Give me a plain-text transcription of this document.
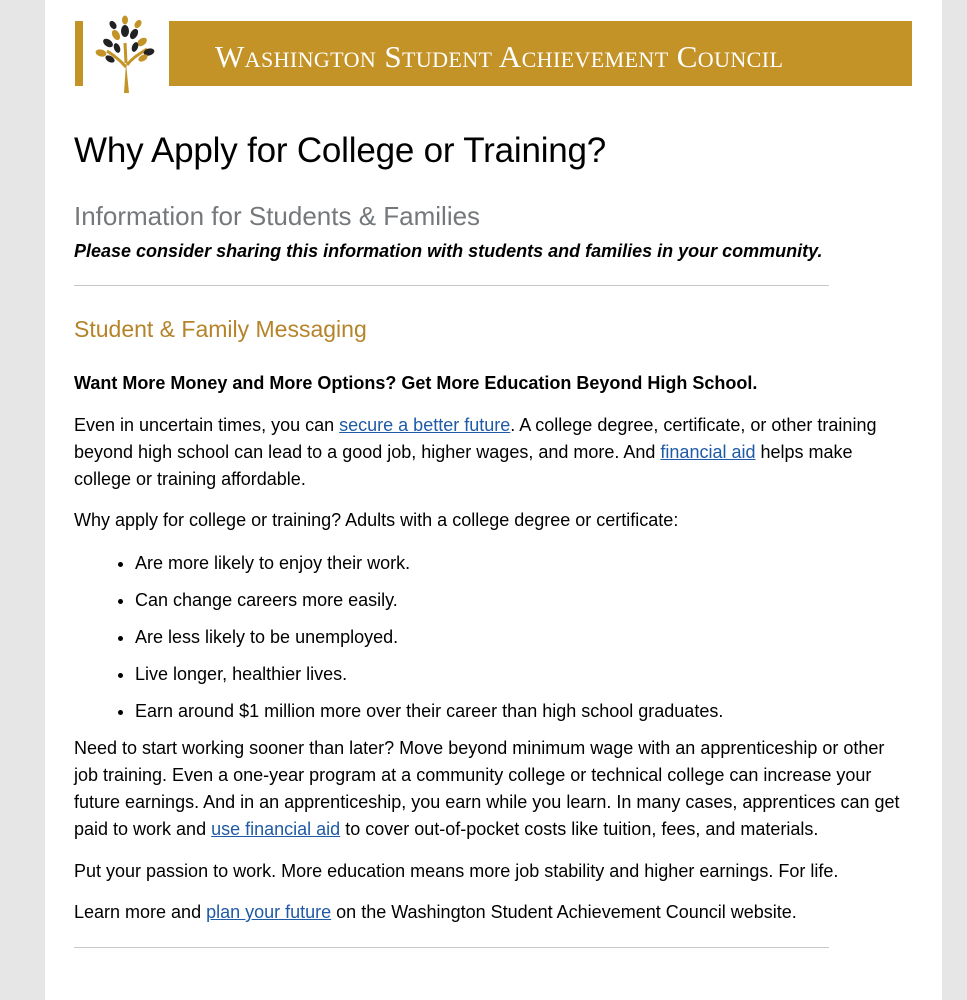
Washington Student Achievement Council
Why Apply for College or Training?
Information for Students & Families
Please consider sharing this information with students and families in your community.
Student & Family Messaging
Want More Money and More Options? Get More Education Beyond High School.

Even in uncertain times, you can secure a better future. A college degree, certificate, or other training beyond high school can lead to a good job, higher wages, and more. And financial aid helps make college or training affordable.

Why apply for college or training? Adults with a college degree or certificate:

• Are more likely to enjoy their work.
• Can change careers more easily.
• Are less likely to be unemployed.
• Live longer, healthier lives.
• Earn around $1 million more over their career than high school graduates.

Need to start working sooner than later? Move beyond minimum wage with an apprenticeship or other job training. Even a one-year program at a community college or technical college can increase your future earnings. And in an apprenticeship, you earn while you learn. In many cases, apprentices can get paid to work and use financial aid to cover out-of-pocket costs like tuition, fees, and materials.

Put your passion to work. More education means more job stability and higher earnings. For life.

Learn more and plan your future on the Washington Student Achievement Council website.
